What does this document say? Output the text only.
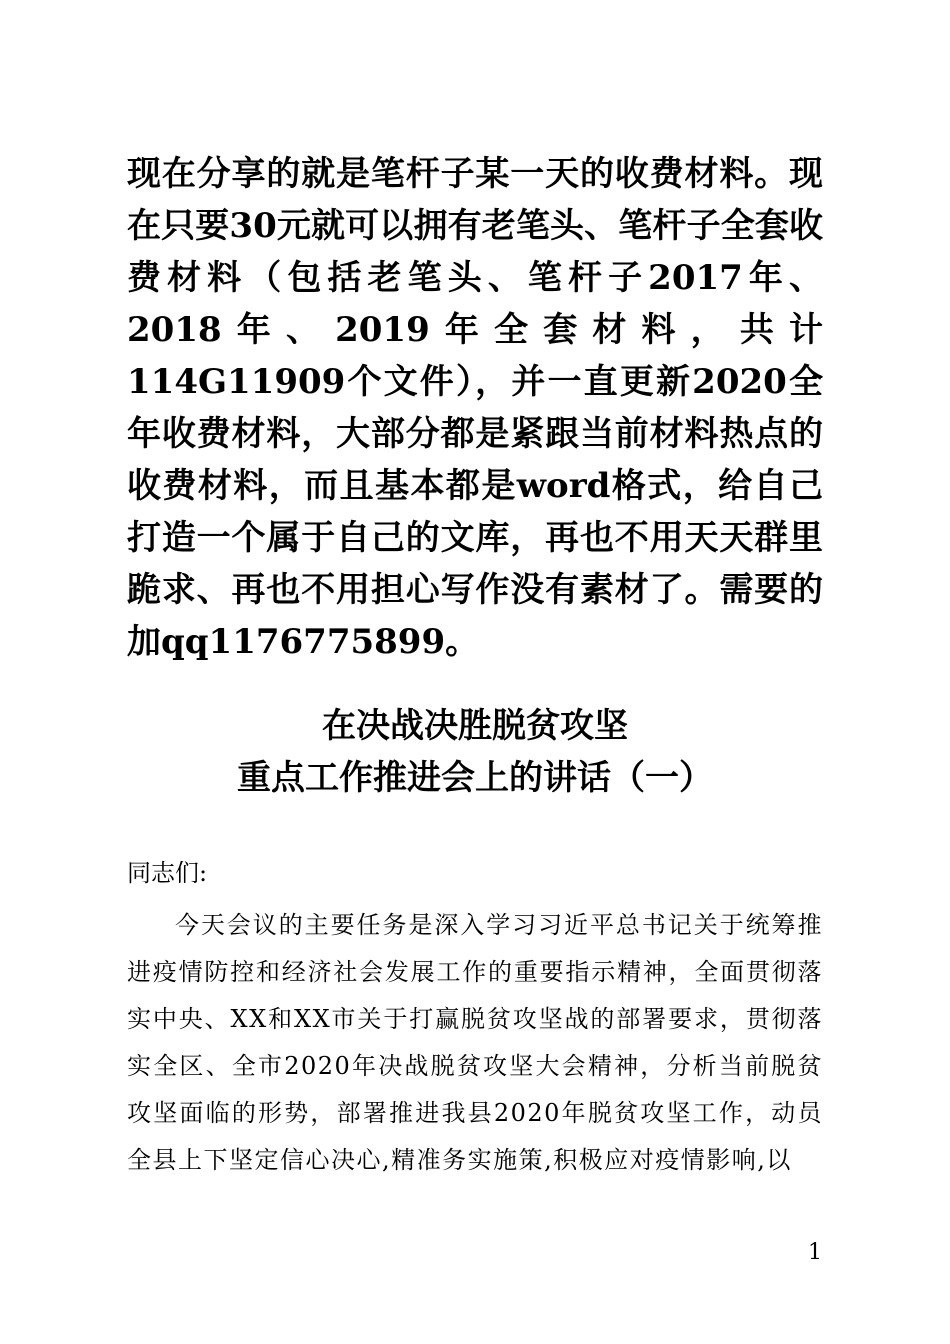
现在分享的就是笔杆子某一天的收费材料。现在只要30元就可以拥有老笔头、笔杆子全套收费材料（包括老笔头、笔杆子2017年、2018年、2019年全套材料，共计114G11909个文件），并一直更新2020全年收费材料，大部分都是紧跟当前材料热点的收费材料，而且基本都是word格式，给自己打造一个属于自己的文库，再也不用天天群里跪求、再也不用担心写作没有素材了。需要的加qq1176775899。
在决战决胜脱贫攻坚
重点工作推进会上的讲话（一）
同志们:
今天会议的主要任务是深入学习习近平总书记关于统筹推进疫情防控和经济社会发展工作的重要指示精神，全面贯彻落实中央、XX和XX市关于打赢脱贫攻坚战的部署要求，贯彻落实全区、全市2020年决战脱贫攻坚大会精神，分析当前脱贫攻坚面临的形势，部署推进我县2020年脱贫攻坚工作，动员全县上下坚定信心决心,精准务实施策,积极应对疫情影响,以
1
